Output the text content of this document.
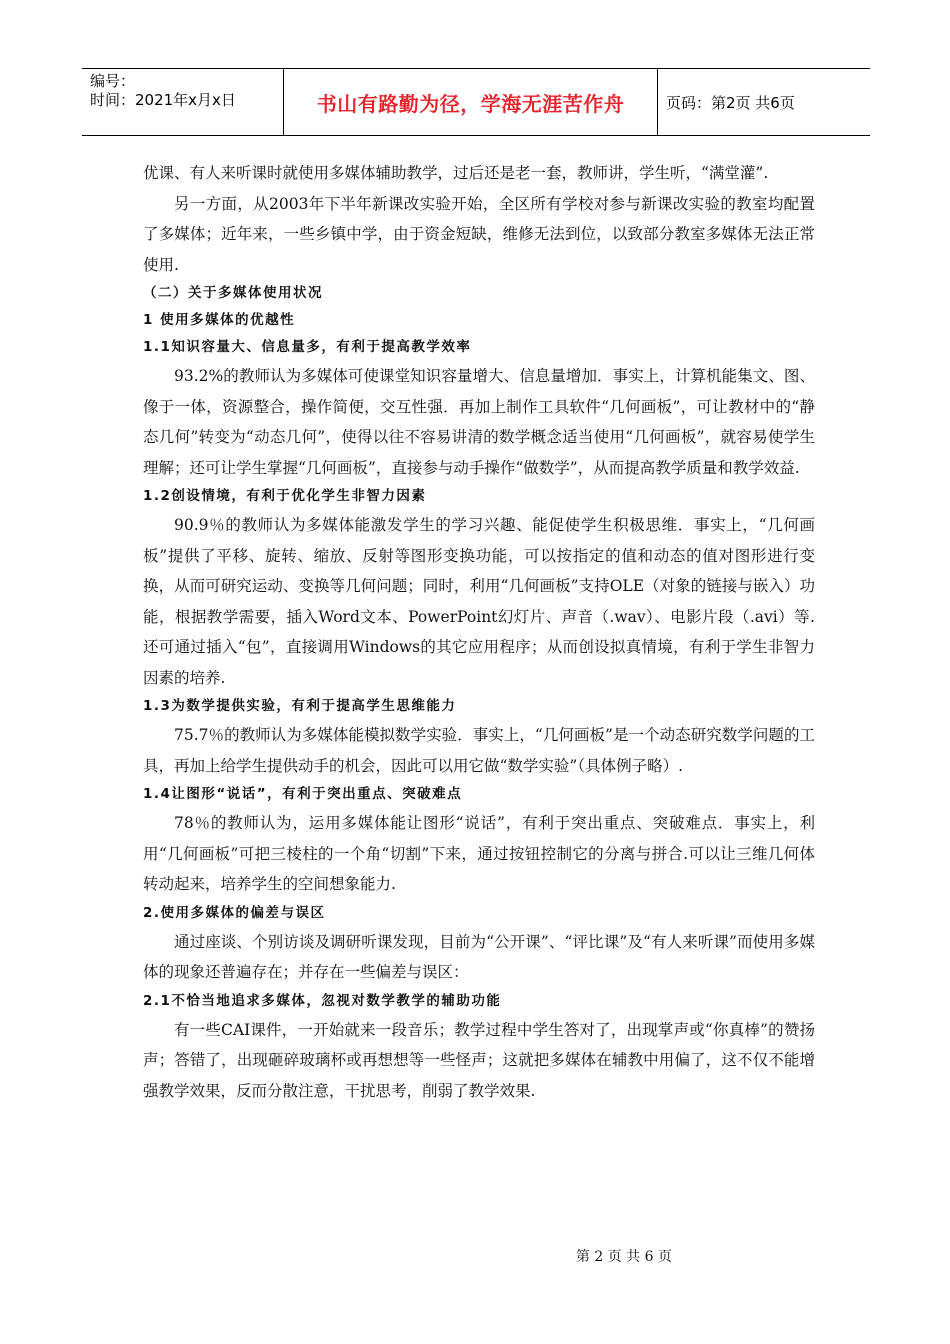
编号：
时间：2021年x月x日	书山有路勤为径，学海无涯苦作舟	页码：第2页 共6页

优课、有人来听课时就使用多媒体辅助教学，过后还是老一套，教师讲，学生听，“满堂灌”.

另一方面，从2003年下半年新课改实验开始，全区所有学校对参与新课改实验的教室均配置了多媒体；近年来，一些乡镇中学，由于资金短缺，维修无法到位，以致部分教室多媒体无法正常使用.

（二）关于多媒体使用状况

1 使用多媒体的优越性

1.1知识容量大、信息量多，有利于提高教学效率

93.2%的教师认为多媒体可使课堂知识容量增大、信息量增加．事实上，计算机能集文、图、像于一体，资源整合，操作简便，交互性强．再加上制作工具软件“几何画板”，可让教材中的“静态几何”转变为“动态几何”，使得以往不容易讲清的数学概念适当使用“几何画板”，就容易使学生理解；还可让学生掌握“几何画板”，直接参与动手操作“做数学”，从而提高教学质量和教学效益.

1.2创设情境，有利于优化学生非智力因素

90.9％的教师认为多媒体能激发学生的学习兴趣、能促使学生积极思维．事实上，“几何画板”提供了平移、旋转、缩放、反射等图形变换功能，可以按指定的值和动态的值对图形进行变换，从而可研究运动、变换等几何问题；同时，利用“几何画板”支持OLE（对象的链接与嵌入）功能，根据教学需要，插入Word文本、PowerPoint幻灯片、声音（.wav）、电影片段（.avi）等.还可通过插入“包”，直接调用Windows的其它应用程序；从而创设拟真情境，有利于学生非智力因素的培养.

1.3为数学提供实验，有利于提高学生思维能力

75.7％的教师认为多媒体能模拟数学实验．事实上，“几何画板”是一个动态研究数学问题的工具，再加上给学生提供动手的机会，因此可以用它做“数学实验”（具体例子略）.

1.4让图形“说话”，有利于突出重点、突破难点

78％的教师认为，运用多媒体能让图形“说话”，有利于突出重点、突破难点．事实上，利用“几何画板”可把三棱柱的一个角“切割”下来，通过按钮控制它的分离与拼合.可以让三维几何体转动起来，培养学生的空间想象能力.

2.使用多媒体的偏差与误区

通过座谈、个别访谈及调研听课发现，目前为“公开课”、“评比课”及“有人来听课”而使用多媒体的现象还普遍存在；并存在一些偏差与误区：

2.1不恰当地追求多媒体，忽视对数学教学的辅助功能

有一些CAI课件，一开始就来一段音乐；教学过程中学生答对了，出现掌声或“你真棒”的赞扬声；答错了，出现砸碎玻璃杯或再想想等一些怪声；这就把多媒体在辅教中用偏了，这不仅不能增强教学效果，反而分散注意，干扰思考，削弱了教学效果.

第 2 页 共 6 页
